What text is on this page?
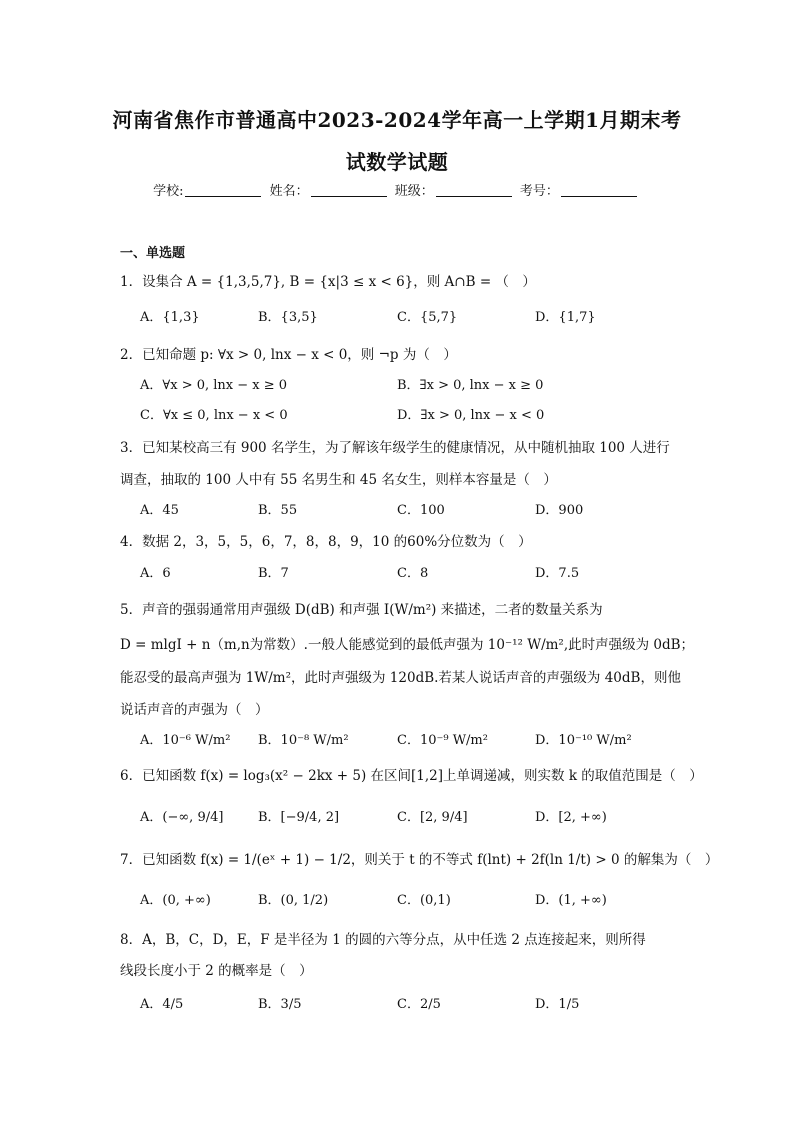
河南省焦作市普通高中2023-2024学年高一上学期1月期末考
试数学试题
学校:	姓名：	班级：	考号：
一、单选题
1．设集合 A = {1,3,5,7}, B = {x|3 ≤ x < 6}，则 A∩B = （　）
A．{1,3}	B．{3,5}	C．{5,7}	D．{1,7}
2．已知命题 p: ∀x > 0, lnx − x < 0，则 ¬p 为（　）
A．∀x > 0, lnx − x ≥ 0	B．∃x > 0, lnx − x ≥ 0
C．∀x ≤ 0, lnx − x < 0	D．∃x > 0, lnx − x < 0
3．已知某校高三有 900 名学生，为了解该年级学生的健康情况，从中随机抽取 100 人进行
调查，抽取的 100 人中有 55 名男生和 45 名女生，则样本容量是（　）
A．45	B．55	C．100	D．900
4．数据 2，3，5，5，6，7，8，8，9，10 的60%分位数为（　）
A．6	B．7	C．8	D．7.5
5．声音的强弱通常用声强级 D(dB) 和声强 I(W/m²) 来描述，二者的数量关系为
D = mlgI + n（m,n为常数）.一般人能感觉到的最低声强为 10⁻¹² W/m²,此时声强级为 0dB；
能忍受的最高声强为 1W/m²，此时声强级为 120dB.若某人说话声音的声强级为 40dB，则他
说话声音的声强为（　）
A．10⁻⁶ W/m² B．10⁻⁸ W/m²	C．10⁻⁹ W/m²	D．10⁻¹⁰ W/m²
6．已知函数 f(x) = log₃(x² − 2kx + 5) 在区间[1,2]上单调递减，则实数 k 的取值范围是（　）
A．(−∞, 9/4]	B．[−9/4, 2]	C．[2, 9/4]	D．[2, +∞)
7．已知函数 f(x) = 1/(eˣ + 1) − 1/2，则关于 t 的不等式 f(lnt) + 2f(ln 1/t) > 0 的解集为（　）
A．(0, +∞)	B．(0, 1/2)	C．(0,1)	D．(1, +∞)
8．A，B，C，D，E，F 是半径为 1 的圆的六等分点，从中任选 2 点连接起来，则所得
线段长度小于 2 的概率是（　）
A．4/5	B．3/5	C．2/5	D．1/5
